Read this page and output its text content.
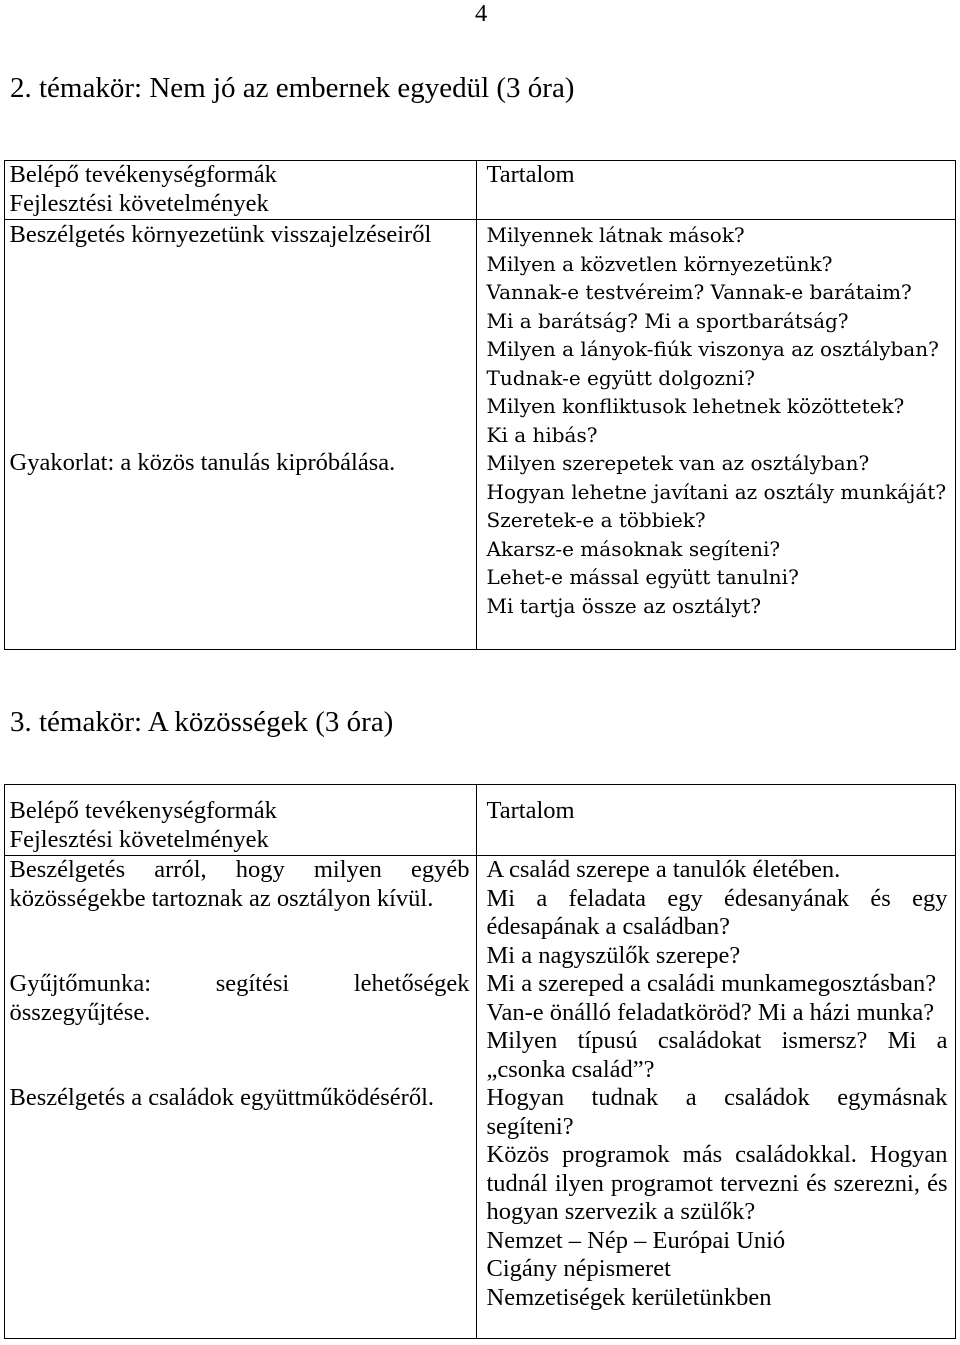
4
2. témakör: Nem jó az embernek egyedül (3 óra)
Belépő tevékenységformák
Fejlesztési követelmények
Tartalom
Beszélgetés környezetünk visszajelzéseiről
Gyakorlat: a közös tanulás kipróbálása.
Milyennek látnak mások?
Milyen a közvetlen környezetünk?
Vannak-e testvéreim? Vannak-e barátaim?
Mi a barátság? Mi a sportbarátság?
Milyen a lányok-fiúk viszonya az osztályban?
Tudnak-e együtt dolgozni?
Milyen konfliktusok lehetnek közöttetek?
Ki a hibás?
Milyen szerepetek van az osztályban?
Hogyan lehetne javítani az osztály munkáját?
Szeretek-e a többiek?
Akarsz-e másoknak segíteni?
Lehet-e mással együtt tanulni?
Mi tartja össze az osztályt?
3. témakör: A közösségek (3 óra)
Belépő tevékenységformák
Fejlesztési követelmények
Tartalom
Beszélgetés arról, hogy milyen egyéb
közösségekbe tartoznak az osztályon kívül.
Gyűjtőmunka: segítési lehetőségek
összegyűjtése.
Beszélgetés a családok együttműködéséről.
A család szerepe a tanulók életében.
Mi a feladata egy édesanyának és egy
édesapának a családban?
Mi a nagyszülők szerepe?
Mi a szereped a családi munkamegosztásban?
Van-e önálló feladatköröd? Mi a házi munka?
Milyen típusú családokat ismersz? Mi a
„csonka család”?
Hogyan tudnak a családok egymásnak
segíteni?
Közös programok más családokkal. Hogyan
tudnál ilyen programot tervezni és szerezni, és
hogyan szervezik a szülők?
Nemzet – Nép – Európai Unió
Cigány népismeret
Nemzetiségek kerületünkben
